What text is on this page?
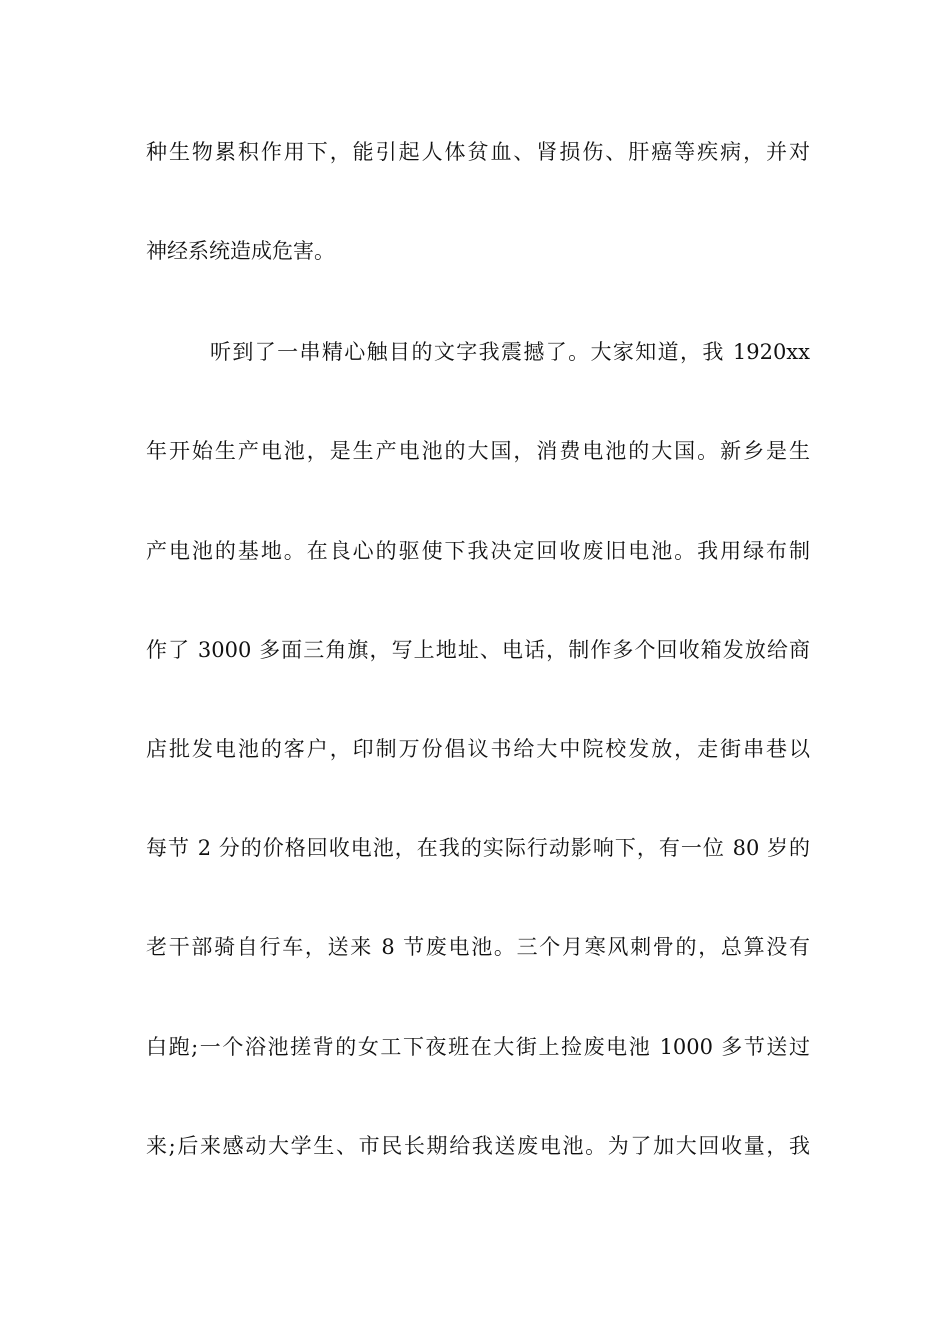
种生物累积作用下，能引起人体贫血、肾损伤、肝癌等疾病，并对
神经系统造成危害。
听到了一串精心触目的文字我震撼了。大家知道，我 1920xx
年开始生产电池，是生产电池的大国，消费电池的大国。新乡是生
产电池的基地。在良心的驱使下我决定回收废旧电池。我用绿布制
作了 3000 多面三角旗，写上地址、电话，制作多个回收箱发放给商
店批发电池的客户，印制万份倡议书给大中院校发放，走街串巷以
每节 2 分的价格回收电池，在我的实际行动影响下，有一位 80 岁的
老干部骑自行车，送来 8 节废电池。三个月寒风刺骨的，总算没有
白跑;一个浴池搓背的女工下夜班在大街上捡废电池 1000 多节送过
来;后来感动大学生、市民长期给我送废电池。为了加大回收量，我
